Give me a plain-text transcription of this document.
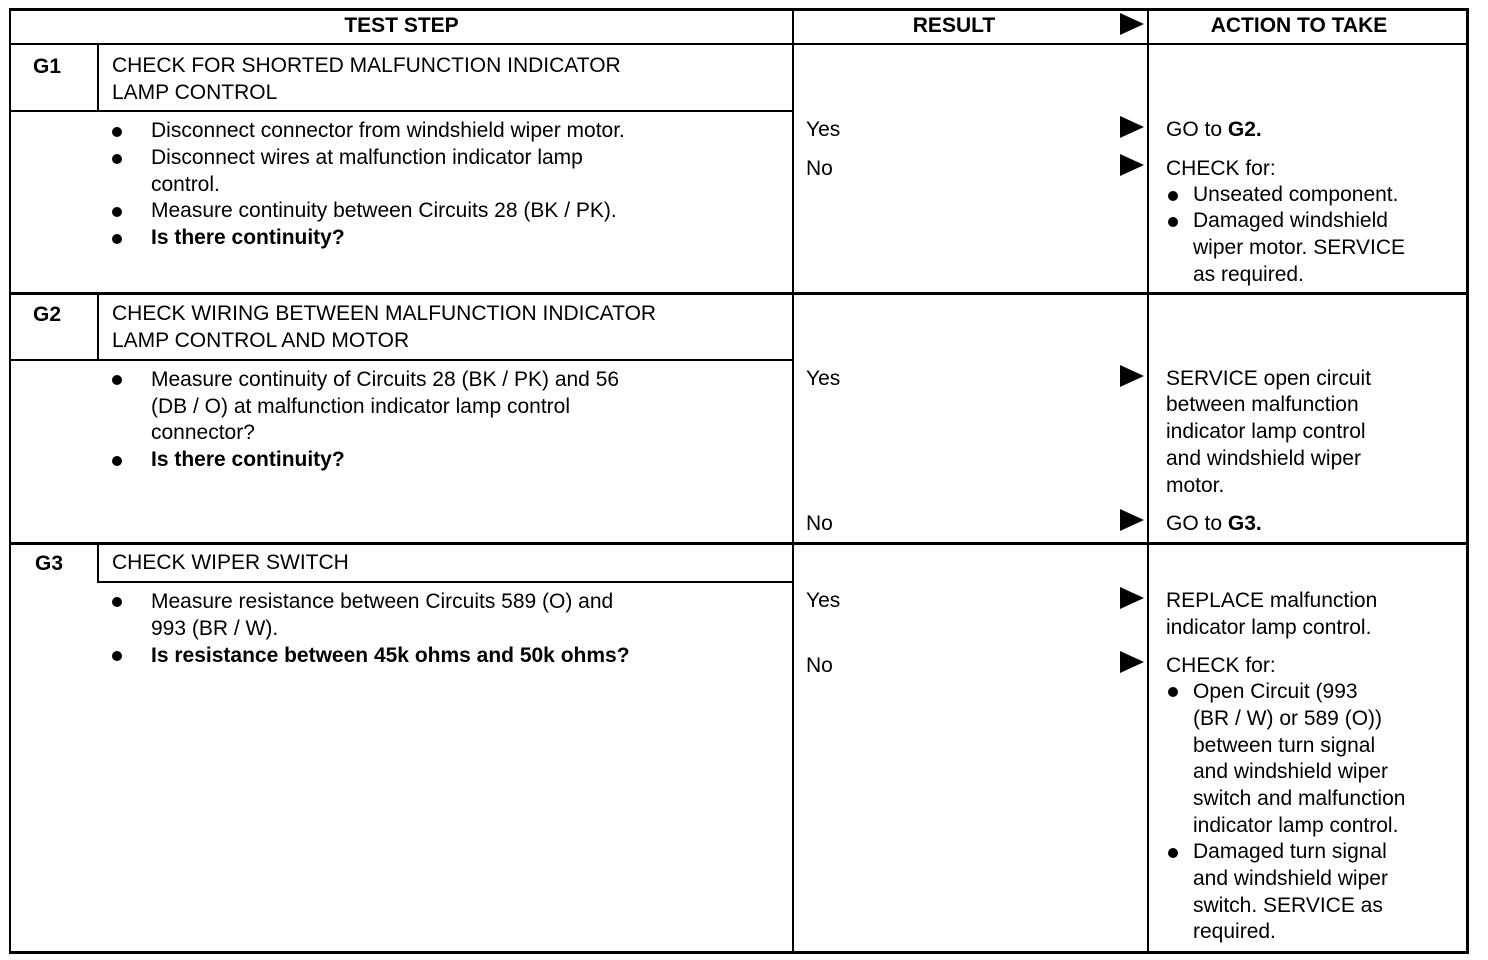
TEST STEP	RESULT	ACTION TO TAKE
G1 CHECK FOR SHORTED MALFUNCTION INDICATOR
LAMP CONTROL
Disconnect connector from windshield wiper motor.
Disconnect wires at malfunction indicator lamp
control.
Measure continuity between Circuits 28 (BK / PK).
Is there continuity?
Yes	GO to G2.
No	CHECK for:
Unseated component.
Damaged windshield
wiper motor. SERVICE
as required.
G2 CHECK WIRING BETWEEN MALFUNCTION INDICATOR
LAMP CONTROL AND MOTOR
Measure continuity of Circuits 28 (BK / PK) and 56
(DB / O) at malfunction indicator lamp control
connector?
Is there continuity?
Yes	SERVICE open circuit
between malfunction
indicator lamp control
and windshield wiper
motor.
No	GO to G3.
G3 CHECK WIPER SWITCH
Measure resistance between Circuits 589 (O) and
993 (BR / W).
Is resistance between 45k ohms and 50k ohms?
Yes	REPLACE malfunction
indicator lamp control.
No	CHECK for:
Open Circuit (993
(BR / W) or 589 (O))
between turn signal
and windshield wiper
switch and malfunction
indicator lamp control.
Damaged turn signal
and windshield wiper
switch. SERVICE as
required.
